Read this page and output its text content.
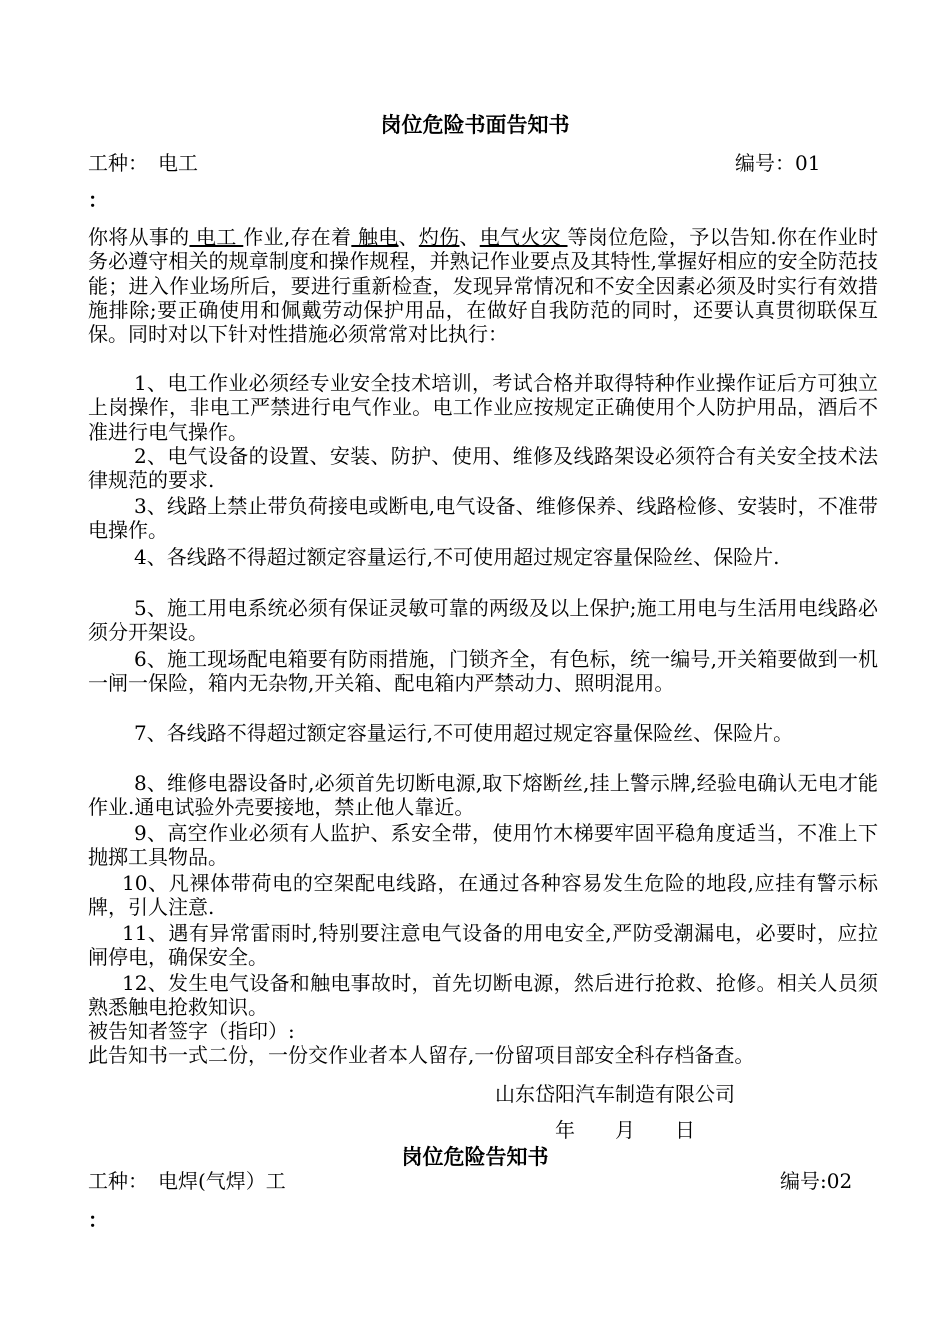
岗位危险书面告知书
工种： 电工	编号：01
：
你将从事的 电工 作业,存在着 触电、灼伤、电气火灾 等岗位危险，予以告知.你在作业时务必遵守相关的规章制度和操作规程，并熟记作业要点及其特性,掌握好相应的安全防范技能；进入作业场所后，要进行重新检查，发现异常情况和不安全因素必须及时实行有效措施排除;要正确使用和佩戴劳动保护用品，在做好自我防范的同时，还要认真贯彻联保互保。同时对以下针对性措施必须常常对比执行：
1、电工作业必须经专业安全技术培训，考试合格并取得特种作业操作证后方可独立上岗操作，非电工严禁进行电气作业。电工作业应按规定正确使用个人防护用品，酒后不准进行电气操作。
2、电气设备的设置、安装、防护、使用、维修及线路架设必须符合有关安全技术法律规范的要求.
3、线路上禁止带负荷接电或断电,电气设备、维修保养、线路检修、安装时，不准带电操作。
4、各线路不得超过额定容量运行,不可使用超过规定容量保险丝、保险片.
5、施工用电系统必须有保证灵敏可靠的两级及以上保护;施工用电与生活用电线路必须分开架设。
6、施工现场配电箱要有防雨措施，门锁齐全，有色标，统一编号,开关箱要做到一机一闸一保险，箱内无杂物,开关箱、配电箱内严禁动力、照明混用。
7、各线路不得超过额定容量运行,不可使用超过规定容量保险丝、保险片。
8、维修电器设备时,必须首先切断电源,取下熔断丝,挂上警示牌,经验电确认无电才能作业.通电试验外壳要接地，禁止他人靠近。
9、高空作业必须有人监护、系安全带，使用竹木梯要牢固平稳角度适当，不准上下抛掷工具物品。
10、凡裸体带荷电的空架配电线路，在通过各种容易发生危险的地段,应挂有警示标牌，引人注意.
11、遇有异常雷雨时,特别要注意电气设备的用电安全,严防受潮漏电，必要时，应拉闸停电，确保安全。
12、发生电气设备和触电事故时，首先切断电源，然后进行抢救、抢修。相关人员须熟悉触电抢救知识。
被告知者签字（指印）:
此告知书一式二份，一份交作业者本人留存,一份留项目部安全科存档备查。
山东岱阳汽车制造有限公司
年　　月　　日
岗位危险告知书
工种： 电焊(气焊）工	编号:02
：
